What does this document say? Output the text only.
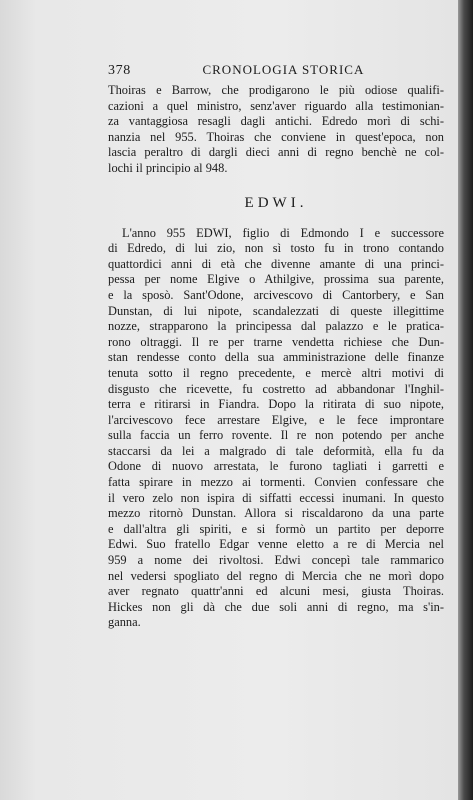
378	CRONOLOGIA STORICA

Thoiras e Barrow, che prodigarono le più odiose qualifi-
cazioni a quel ministro, senz'aver riguardo alla testimonian-
za vantaggiosa resagli dagli antichi. Edredo morì di schi-
nanzia nel 955. Thoiras che conviene in quest'epoca, non
lascia peraltro di dargli dieci anni di regno benchè ne col-
lochi il principio al 948.

EDWI.

L'anno 955 EDWI, figlio di Edmondo I e successore
di Edredo, di lui zio, non sì tosto fu in trono contando
quattordici anni di età che divenne amante di una princi-
pessa per nome Elgive o Athilgive, prossima sua parente,
e la sposò. Sant'Odone, arcivescovo di Cantorbery, e San
Dunstan, di lui nipote, scandalezzati di queste illegittime
nozze, strapparono la principessa dal palazzo e le pratica-
rono oltraggi. Il re per trarne vendetta richiese che Dun-
stan rendesse conto della sua amministrazione delle finanze
tenuta sotto il regno precedente, e mercè altri motivi di
disgusto che ricevette, fu costretto ad abbandonar l'Inghil-
terra e ritirarsi in Fiandra. Dopo la ritirata di suo nipote,
l'arcivescovo fece arrestare Elgive, e le fece improntare
sulla faccia un ferro rovente. Il re non potendo per anche
staccarsi da lei a malgrado di tale deformità, ella fu da
Odone di nuovo arrestata, le furono tagliati i garretti e
fatta spirare in mezzo ai tormenti. Convien confessare che
il vero zelo non ispira di siffatti eccessi inumani. In questo
mezzo ritornò Dunstan. Allora si riscaldarono da una parte
e dall'altra gli spiriti, e si formò un partito per deporre
Edwi. Suo fratello Edgar venne eletto a re di Mercia nel
959 a nome dei rivoltosi. Edwi concepì tale rammarico
nel vedersi spogliato del regno di Mercia che ne morì dopo
aver regnato quattr'anni ed alcuni mesi, giusta Thoiras.
Hickes non gli dà che due soli anni di regno, ma s'in-
ganna.
